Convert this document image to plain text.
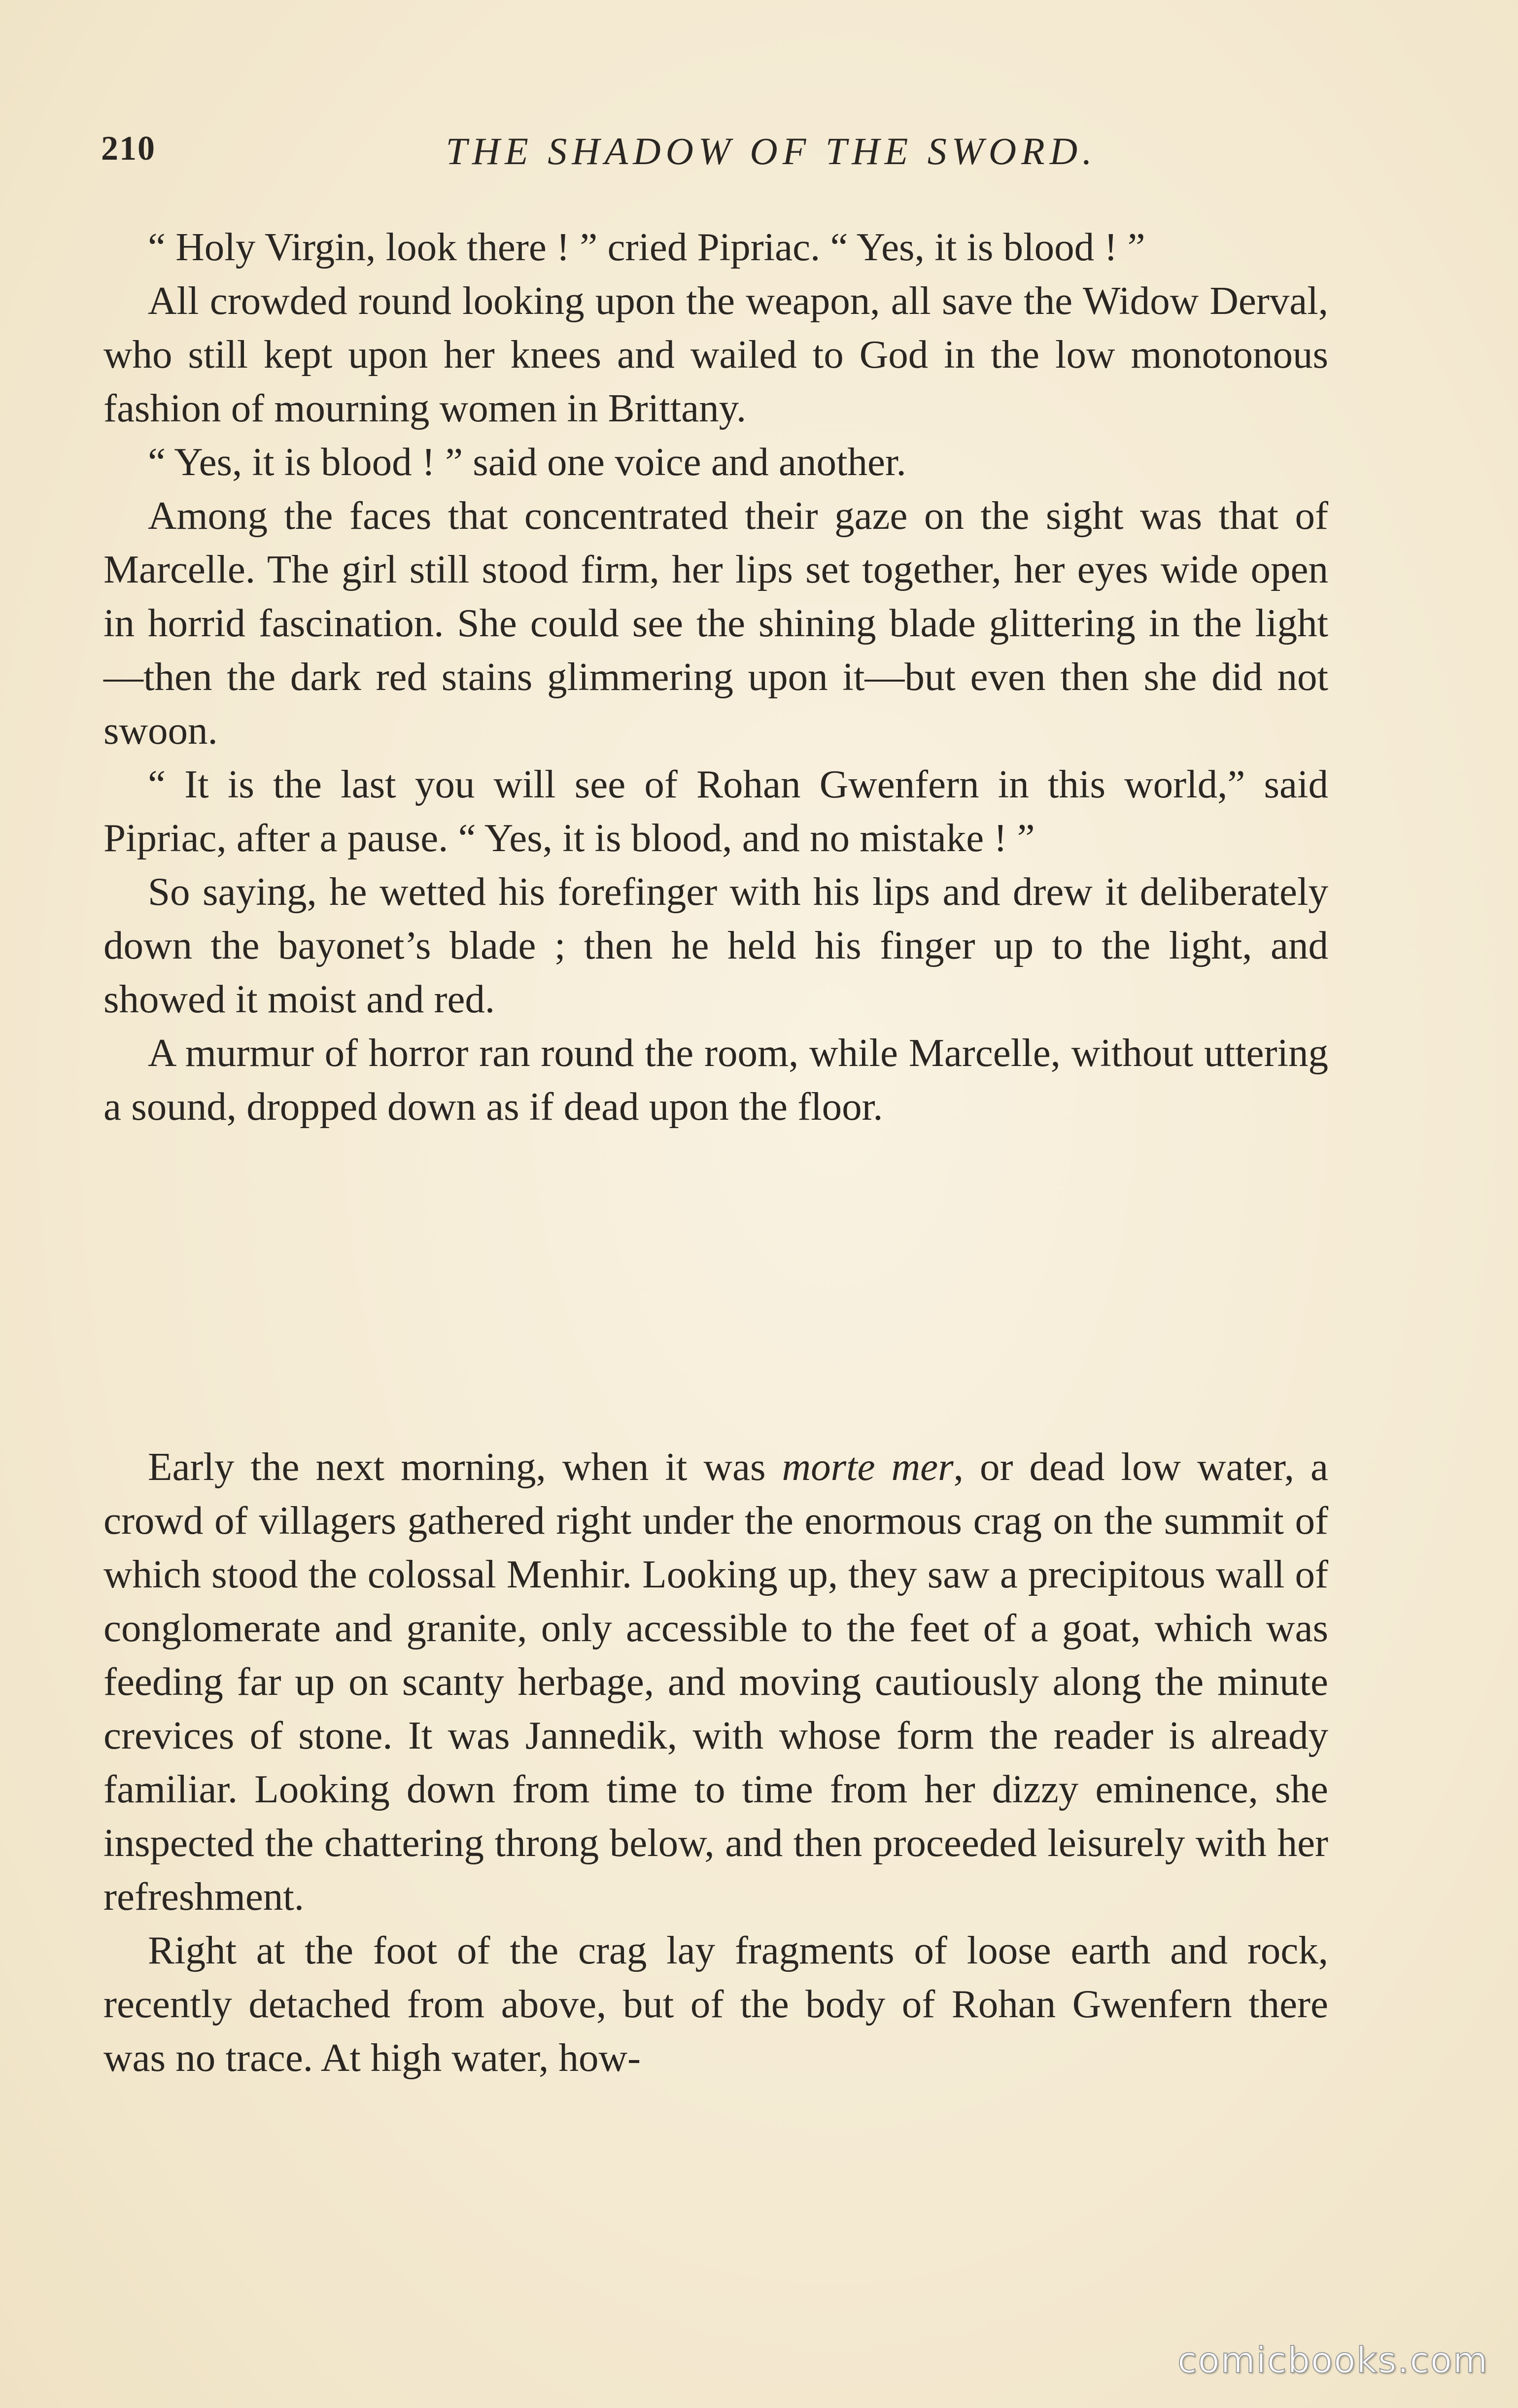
210	THE SHADOW OF THE SWORD.

“ Holy Virgin, look there ! ” cried Pipriac. “ Yes, it is blood ! ”

All crowded round looking upon the weapon, all save the Widow Derval, who still kept upon her knees and wailed to God in the low monotonous fashion of mourning women in Brittany.

“ Yes, it is blood ! ” said one voice and another.

Among the faces that concentrated their gaze on the sight was that of Marcelle. The girl still stood firm, her lips set together, her eyes wide open in horrid fascination. She could see the shining blade glittering in the light—then the dark red stains glimmering upon it—but even then she did not swoon.

“ It is the last you will see of Rohan Gwenfern in this world,” said Pipriac, after a pause. “ Yes, it is blood, and no mistake ! ”

So saying, he wetted his forefinger with his lips and drew it deliberately down the bayonet’s blade ; then he held his finger up to the light, and showed it moist and red.

A murmur of horror ran round the room, while Marcelle, without uttering a sound, dropped down as if dead upon the floor.

Early the next morning, when it was morte mer, or dead low water, a crowd of villagers gathered right under the enormous crag on the summit of which stood the colossal Menhir. Looking up, they saw a precipitous wall of conglomerate and granite, only accessible to the feet of a goat, which was feeding far up on scanty herbage, and moving cautiously along the minute crevices of stone. It was Jannedik, with whose form the reader is already familiar. Looking down from time to time from her dizzy eminence, she inspected the chattering throng below, and then proceeded leisurely with her refreshment.

Right at the foot of the crag lay fragments of loose earth and rock, recently detached from above, but of the body of Rohan Gwenfern there was no trace. At high water, how-

comicbooks.com
